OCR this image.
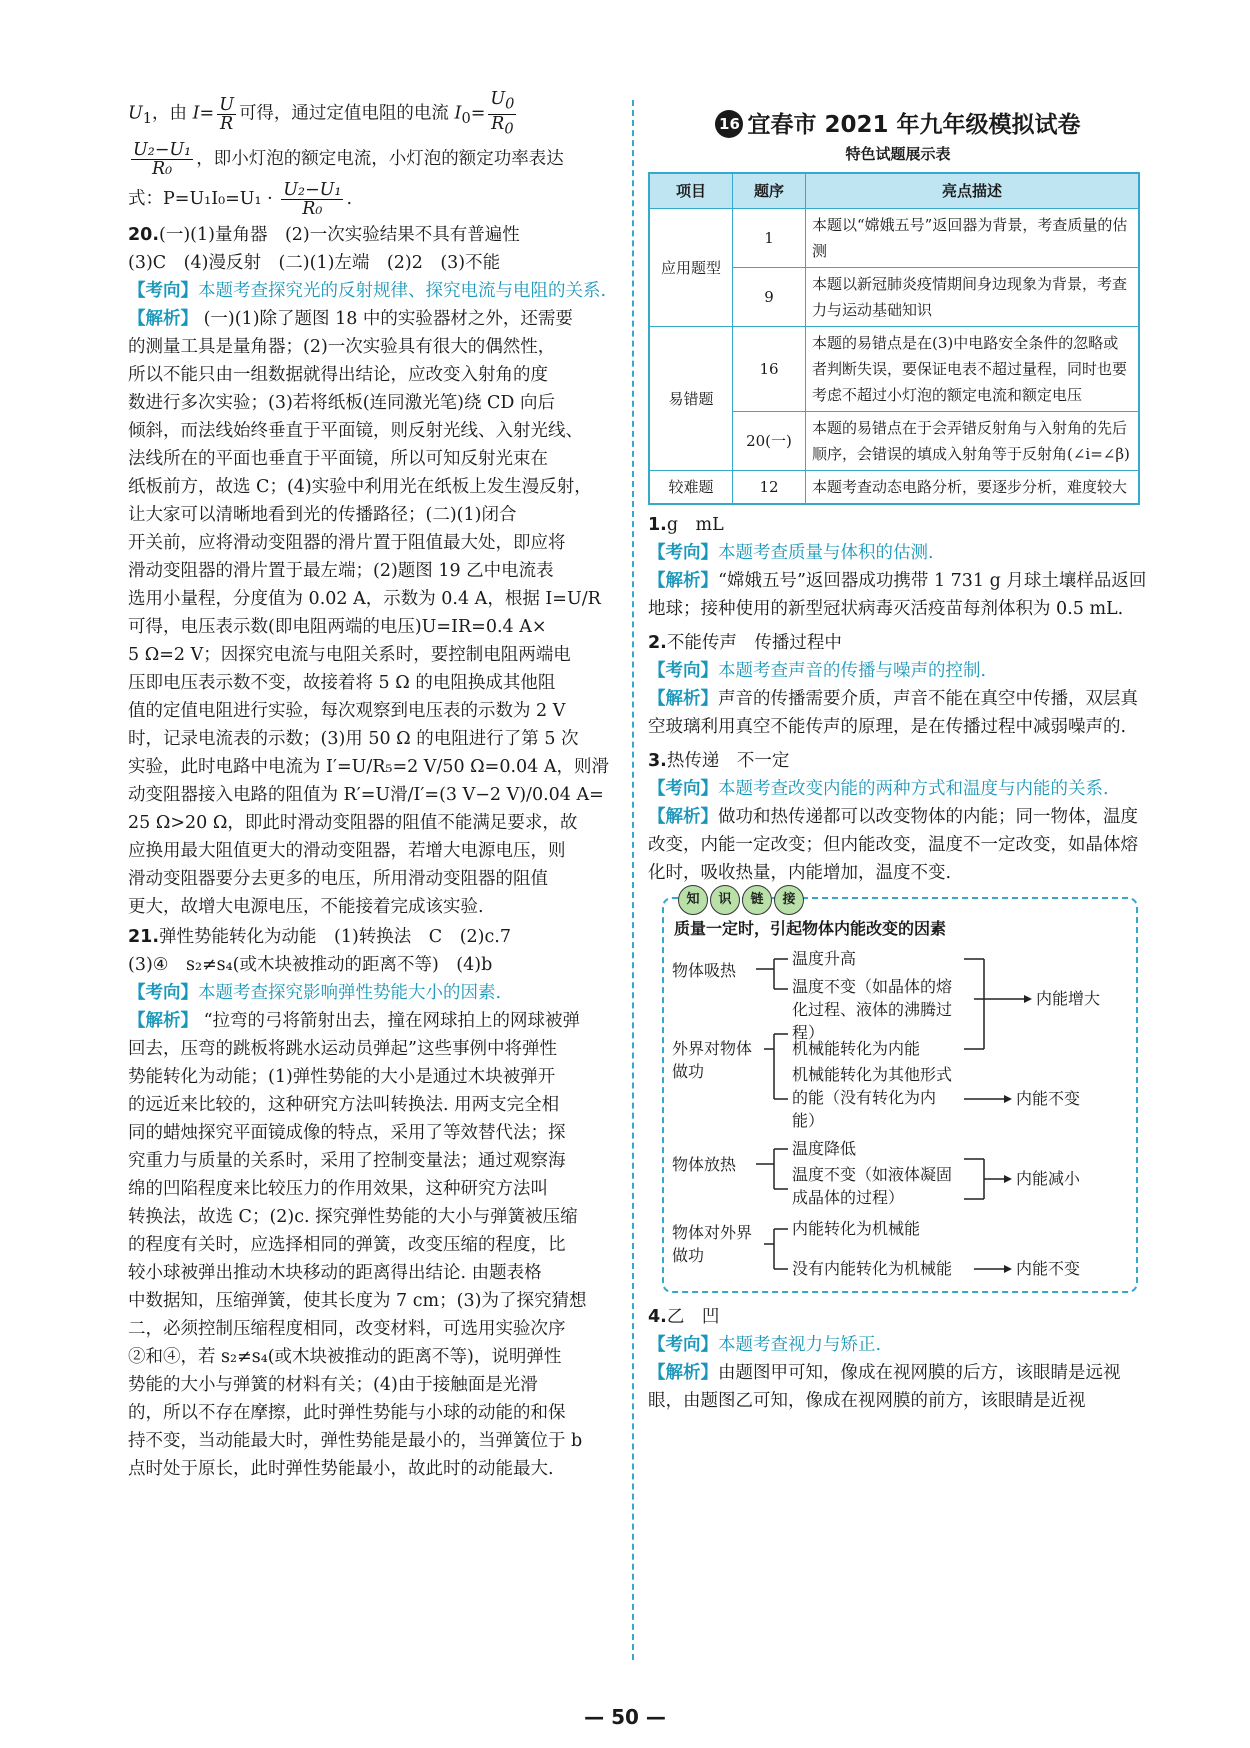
$U_1$，由 $I= \frac{U}{R}$ 可得，通过定值电阻的电流 $I_0= \frac{U_0}{R_0}$

$\frac{\text{U₂−U₁}}{\text{R₀}}$ ，即小灯泡的额定电流，小灯泡的额定功率表达

式：$P=U_1I_0=U_1 \cdot \frac{\text{U₂−U₁}}{\text{R₀}}$ .

20.(一)(1)量角器　(2)一次实验结果不具有普遍性

(3)C　(4)漫反射　(二)(1)左端　(2)2　(3)不能

【考向】本题考查探究光的反射规律、探究电流与电阻的关系.

【解析】 (一)(1)除了题图 18 中的实验器材之外，还需要
的测量工具是量角器；(2)一次实验具有很大的偶然性，
所以不能只由一组数据就得出结论，应改变入射角的度
数进行多次实验；(3)若将纸板(连同激光笔)绕 CD 向后
倾斜，而法线始终垂直于平面镜，则反射光线、入射光线、
法线所在的平面也垂直于平面镜，所以可知反射光束在
纸板前方，故选 C；(4)实验中利用光在纸板上发生漫反射，
让大家可以清晰地看到光的传播路径；(二)(1)闭合
开关前，应将滑动变阻器的滑片置于阻值最大处，即应将
滑动变阻器的滑片置于最左端；(2)题图 19 乙中电流表
选用小量程，分度值为 0.02 A，示数为 0.4 A，根据 I=U/R
可得，电压表示数(即电阻两端的电压)U=IR=0.4 A×
5 Ω=2 V；因探究电流与电阻关系时，要控制电阻两端电
压即电压表示数不变，故接着将 5 Ω 的电阻换成其他阻
值的定值电阻进行实验，每次观察到电压表的示数为 2 V
时，记录电流表的示数；(3)用 50 Ω 的电阻进行了第 5 次
实验，此时电路中电流为 I′=U/R₅=2 V/50 Ω=0.04 A，则滑
动变阻器接入电路的阻值为 R′=U滑/I′=(3 V−2 V)/0.04 A=
25 Ω>20 Ω，即此时滑动变阻器的阻值不能满足要求，故
应换用最大阻值更大的滑动变阻器，若增大电源电压，则
滑动变阻器要分去更多的电压，所用滑动变阻器的阻值
更大，故增大电源电压，不能接着完成该实验.

21.弹性势能转化为动能　(1)转换法　C　(2)c.7

(3)④　s₂≠s₄(或木块被推动的距离不等)　(4)b

【考向】本题考查探究影响弹性势能大小的因素.

【解析】 “拉弯的弓将箭射出去，撞在网球拍上的网球被弹
回去，压弯的跳板将跳水运动员弹起”这些事例中将弹性
势能转化为动能；(1)弹性势能的大小是通过木块被弹开
的远近来比较的，这种研究方法叫转换法. 用两支完全相
同的蜡烛探究平面镜成像的特点，采用了等效替代法；探
究重力与质量的关系时，采用了控制变量法；通过观察海
绵的凹陷程度来比较压力的作用效果，这种研究方法叫
转换法，故选 C；(2)c. 探究弹性势能的大小与弹簧被压缩
的程度有关时，应选择相同的弹簧，改变压缩的程度，比
较小球被弹出推动木块移动的距离得出结论. 由题表格
中数据知，压缩弹簧，使其长度为 7 cm；(3)为了探究猜想
二，必须控制压缩程度相同，改变材料，可选用实验次序
②和④，若 s₂≠s₄(或木块被推动的距离不等)，说明弹性
势能的大小与弹簧的材料有关；(4)由于接触面是光滑
的，所以不存在摩擦，此时弹性势能与小球的动能的和保
持不变，当动能最大时，弹性势能是最小的，当弹簧位于 b
点时处于原长，此时弹性势能最小，故此时的动能最大.
16 宜春市 2021 年九年级模拟试卷
特色试题展示表
项目	题序	亮点描述
应用题型	1	本题以“嫦娥五号”返回器为背景，考查质量的估测
	9	本题以新冠肺炎疫情期间身边现象为背景，考查力与运动基础知识
易错题	16	本题的易错点是在(3)中电路安全条件的忽略或者判断失误，要保证电表不超过量程，同时也要考虑不超过小灯泡的额定电流和额定电压
	20(一)	本题的易错点在于会弄错反射角与入射角的先后顺序，会错误的填成入射角等于反射角(∠i=∠β)
较难题	12	本题考查动态电路分析，要逐步分析，难度较大

1.g　mL

【考向】本题考查质量与体积的估测.

【解析】“嫦娥五号”返回器成功携带 1 731 g 月球土壤样品返回地球；接种使用的新型冠状病毒灭活疫苗每剂体积为 0.5 mL.

2.不能传声　传播过程中

【考向】本题考查声音的传播与噪声的控制.

【解析】声音的传播需要介质，声音不能在真空中传播，双层真空玻璃利用真空不能传声的原理，是在传播过程中减弱噪声的.

3.热传递　不一定

【考向】本题考查改变内能的两种方式和温度与内能的关系.

【解析】做功和热传递都可以改变物体的内能；同一物体，温度改变，内能一定改变；但内能改变，温度不一定改变，如晶体熔化时，吸收热量，内能增加，温度不变.

知	识	链	接
质量一定时，引起物体内能改变的因素
物体吸热
温度升高
温度不变（如晶体的熔化过程、液体的沸腾过程）
内能增大
外界对物体做功
机械能转化为内能
机械能转化为其他形式的能（没有转化为内能）
内能不变
物体放热
温度降低
温度不变（如液体凝固成晶体的过程）
内能减小
物体对外界做功
内能转化为机械能
没有内能转化为机械能	内能不变

4.乙　凹

【考向】本题考查视力与矫正.

【解析】由题图甲可知，像成在视网膜的后方，该眼睛是远视眼，由题图乙可知，像成在视网膜的前方，该眼睛是近视

— 50 —
